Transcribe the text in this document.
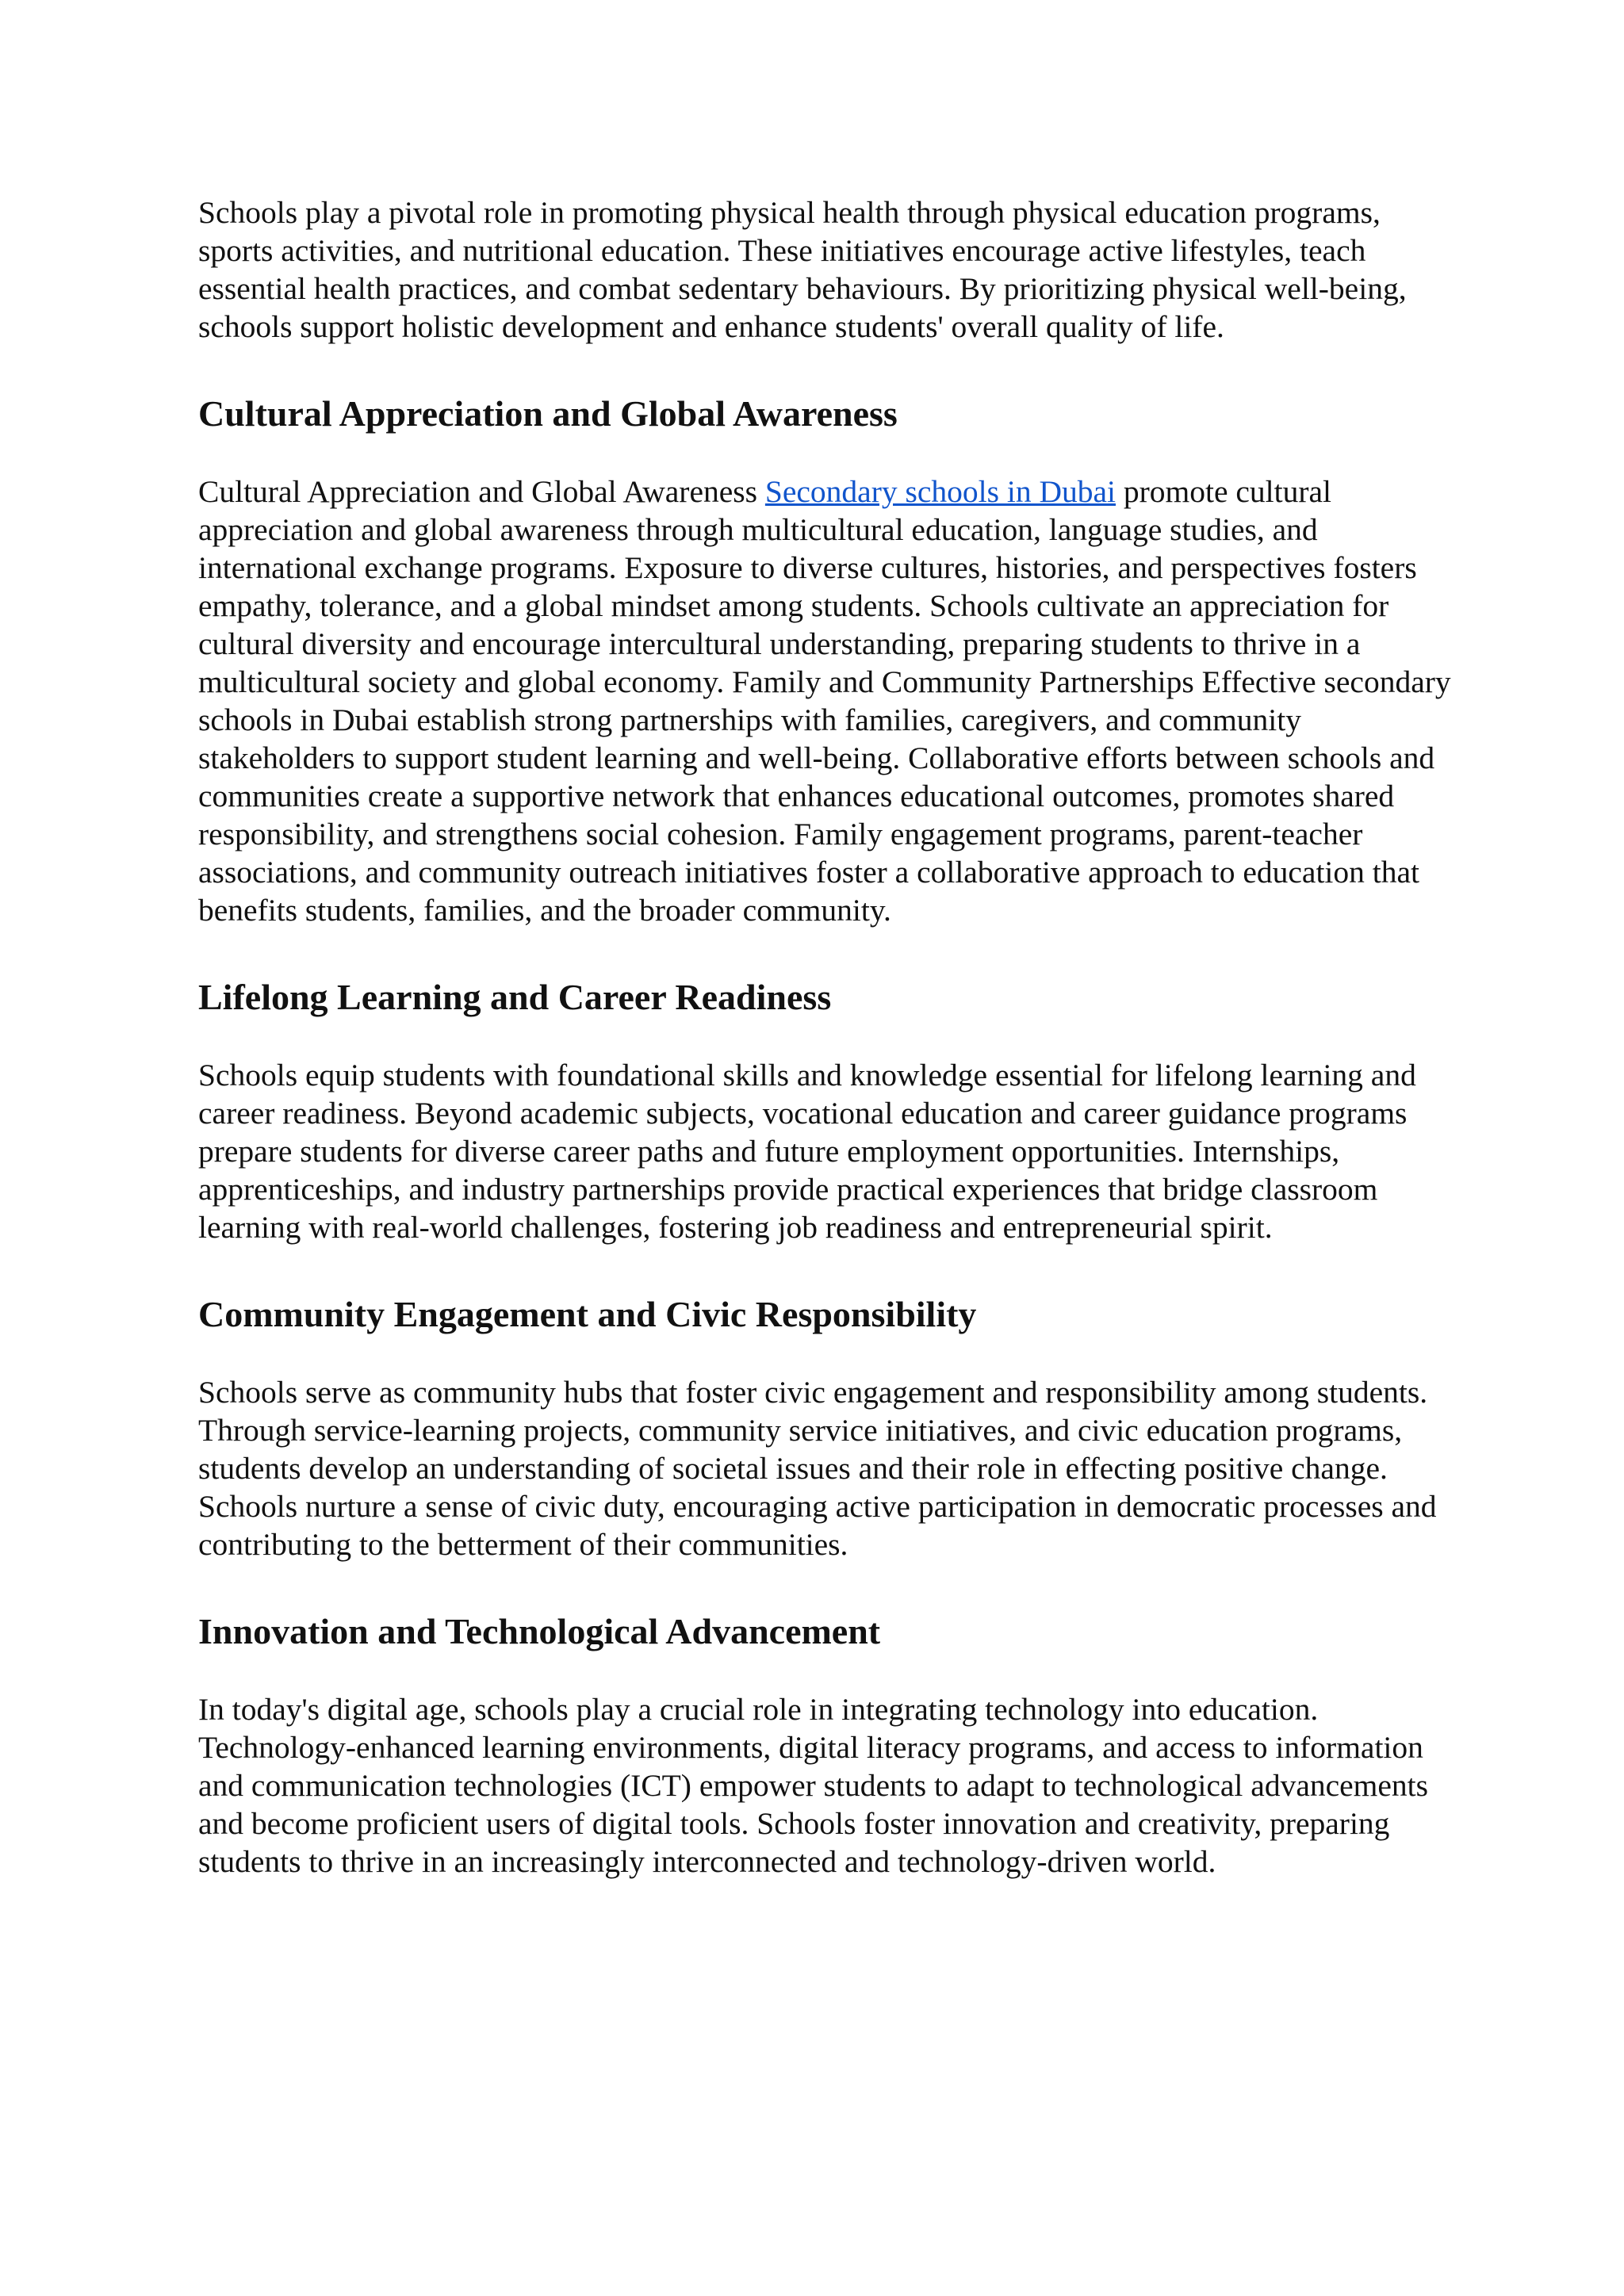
Schools play a pivotal role in promoting physical health through physical education programs, sports activities, and nutritional education. These initiatives encourage active lifestyles, teach essential health practices, and combat sedentary behaviours. By prioritizing physical well-being, schools support holistic development and enhance students' overall quality of life.

Cultural Appreciation and Global Awareness

Cultural Appreciation and Global Awareness Secondary schools in Dubai promote cultural appreciation and global awareness through multicultural education, language studies, and international exchange programs. Exposure to diverse cultures, histories, and perspectives fosters empathy, tolerance, and a global mindset among students. Schools cultivate an appreciation for cultural diversity and encourage intercultural understanding, preparing students to thrive in a multicultural society and global economy. Family and Community Partnerships Effective secondary schools in Dubai establish strong partnerships with families, caregivers, and community stakeholders to support student learning and well-being. Collaborative efforts between schools and communities create a supportive network that enhances educational outcomes, promotes shared responsibility, and strengthens social cohesion. Family engagement programs, parent-teacher associations, and community outreach initiatives foster a collaborative approach to education that benefits students, families, and the broader community.

Lifelong Learning and Career Readiness

Schools equip students with foundational skills and knowledge essential for lifelong learning and career readiness. Beyond academic subjects, vocational education and career guidance programs prepare students for diverse career paths and future employment opportunities. Internships, apprenticeships, and industry partnerships provide practical experiences that bridge classroom learning with real-world challenges, fostering job readiness and entrepreneurial spirit.

Community Engagement and Civic Responsibility

Schools serve as community hubs that foster civic engagement and responsibility among students. Through service-learning projects, community service initiatives, and civic education programs, students develop an understanding of societal issues and their role in effecting positive change. Schools nurture a sense of civic duty, encouraging active participation in democratic processes and contributing to the betterment of their communities.

Innovation and Technological Advancement

In today's digital age, schools play a crucial role in integrating technology into education. Technology-enhanced learning environments, digital literacy programs, and access to information and communication technologies (ICT) empower students to adapt to technological advancements and become proficient users of digital tools. Schools foster innovation and creativity, preparing students to thrive in an increasingly interconnected and technology-driven world.
